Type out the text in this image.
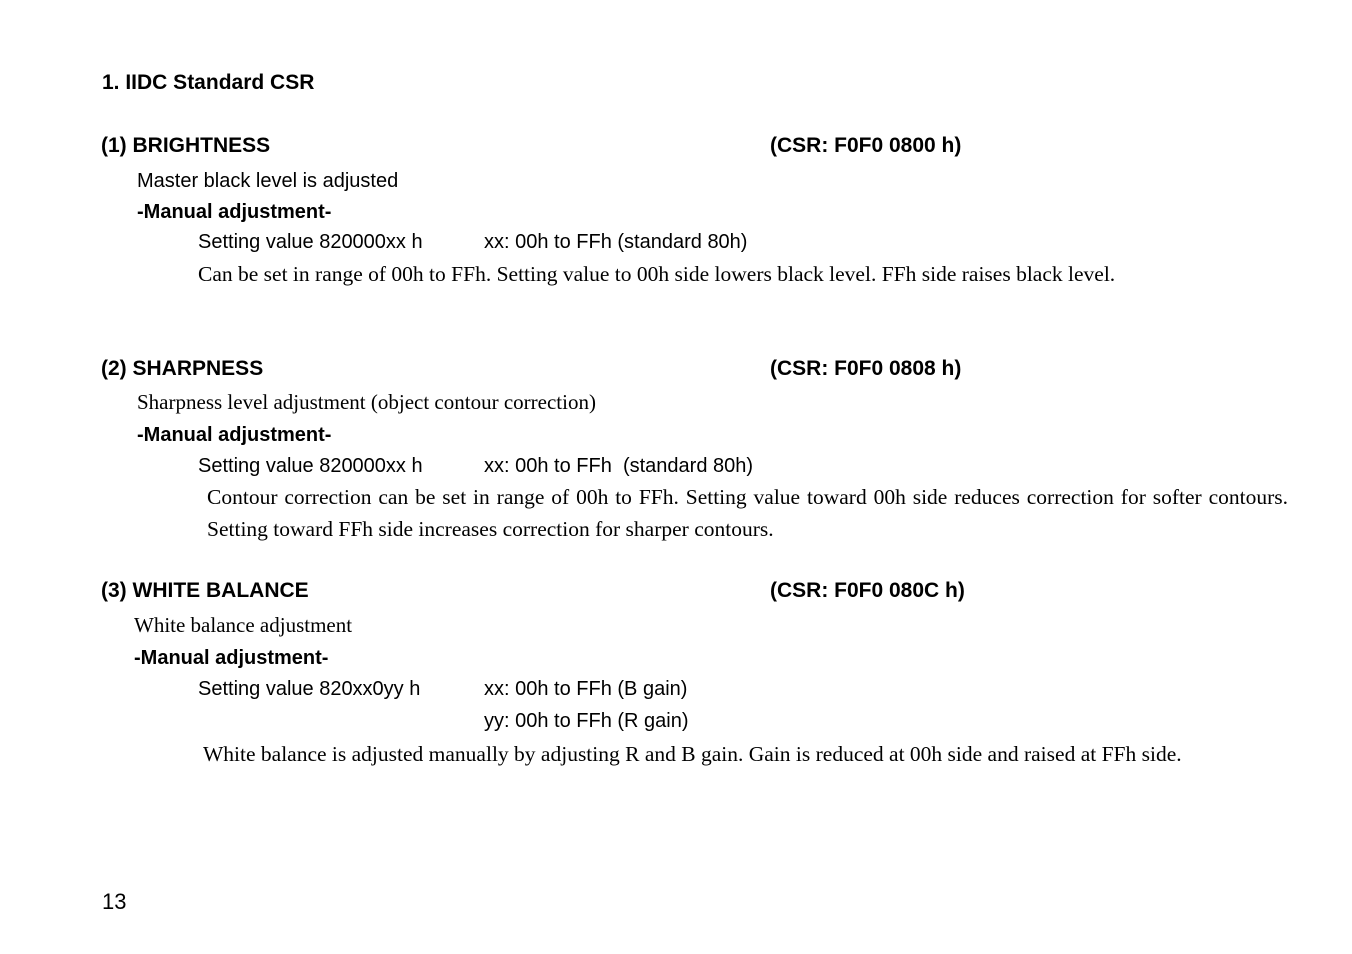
1. IIDC Standard CSR
(1) BRIGHTNESS	(CSR: F0F0 0800 h)
Master black level is adjusted
-Manual adjustment-
Setting value 820000xx h	xx: 00h to FFh (standard 80h)
Can be set in range of 00h to FFh. Setting value to 00h side lowers black level. FFh side raises black level.
(2) SHARPNESS	(CSR: F0F0 0808 h)
Sharpness level adjustment (object contour correction)
-Manual adjustment-
Setting value 820000xx h	xx: 00h to FFh  (standard 80h)
Contour correction can be set in range of 00h to FFh. Setting value toward 00h side reduces correction for softer contours. Setting toward FFh side increases correction for sharper contours.
(3) WHITE BALANCE	(CSR: F0F0 080C h)
White balance adjustment
-Manual adjustment-
Setting value 820xx0yy h	xx: 00h to FFh (B gain)
yy: 00h to FFh (R gain)
White balance is adjusted manually by adjusting R and B gain. Gain is reduced at 00h side and raised at FFh side.
13
